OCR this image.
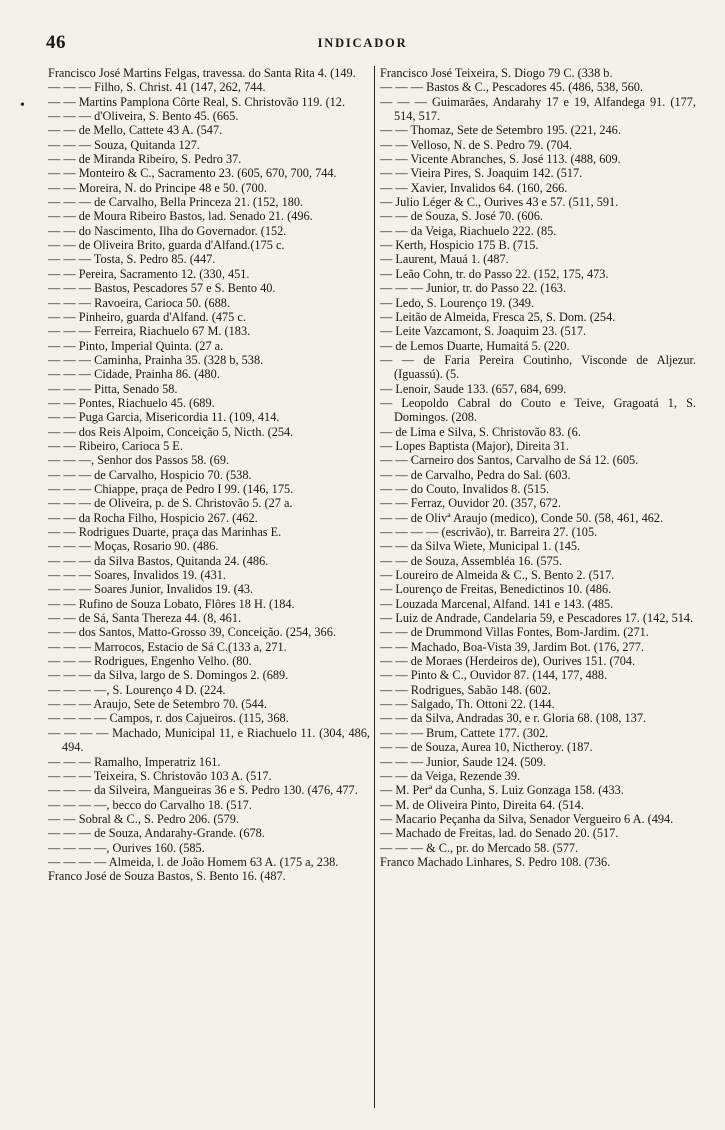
46	INDICADOR
•
Francisco José Martins Felgas, travessa. do Santa Rita 4. (149.
— — — Filho, S. Christ. 41 (147, 262, 744.
— — Martins Pamplona Côrte Real, S. Christovão 119. (12.
— — — d'Oliveira, S. Bento 45. (665.
— — de Mello, Cattete 43 A. (547.
— — — Souza, Quitanda 127.
— — de Miranda Ribeiro, S. Pedro 37.
— — Monteiro & C., Sacramento 23. (605, 670, 700, 744.
— — Moreira, N. do Principe 48 e 50. (700.
— — — de Carvalho, Bella Princeza 21. (152, 180.
— — de Moura Ribeiro Bastos, lad. Senado 21. (496.
— — do Nascimento, Ilha do Governador. (152.
— — de Oliveira Brito, guarda d'Alfand.(175 c.
— — — Tosta, S. Pedro 85. (447.
— — Pereira, Sacramento 12. (330, 451.
— — — Bastos, Pescadores 57 e S. Bento 40.
— — — Ravoeira, Carioca 50. (688.
— — Pinheiro, guarda d'Alfand. (475 c.
— — — Ferreira, Riachuelo 67 M. (183.
— — Pinto, Imperial Quinta. (27 a.
— — — Caminha, Prainha 35. (328 b, 538.
— — — Cidade, Prainha 86. (480.
— — — Pitta, Senado 58.
— — Pontes, Riachuelo 45. (689.
— — Puga Garcia, Misericordia 11. (109, 414.
— — dos Reis Alpoim, Conceição 5, Nicth. (254.
— — Ribeiro, Carioca 5 E.
— — —, Senhor dos Passos 58. (69.
— — — de Carvalho, Hospicio 70. (538.
— — — Chiappe, praça de Pedro I 99. (146, 175.
— — — de Oliveira, p. de S. Christovão 5. (27 a.
— — da Rocha Filho, Hospicio 267. (462.
— — Rodrigues Duarte, praça das Marinhas E.
— — — Moças, Rosario 90. (486.
— — — da Silva Bastos, Quitanda 24. (486.
— — — Soares, Invalidos 19. (431.
— — — Soares Junior, Invalidos 19. (43.
— — Rufino de Souza Lobato, Flôres 18 H. (184.
— — de Sá, Santa Thereza 44. (8, 461.
— — dos Santos, Matto-Grosso 39, Conceição. (254, 366.
— — — Marrocos, Estacio de Sá C.(133 a, 271.
— — — Rodrigues, Engenho Velho. (80.
— — — da Silva, largo de S. Domingos 2. (689.
— — — —, S. Lourenço 4 D. (224.
— — — Araujo, Sete de Setembro 70. (544.
— — — — Campos, r. dos Cajueiros. (115, 368.
— — — — Machado, Municipal 11, e Riachuelo 11. (304, 486, 494.
— — — Ramalho, Imperatriz 161.
— — — Teixeira, S. Christovão 103 A. (517.
— — — da Silveira, Mangueiras 36 e S. Pedro 130. (476, 477.
— — — —, becco do Carvalho 18. (517.
— — Sobral & C., S. Pedro 206. (579.
— — — de Souza, Andarahy-Grande. (678.
— — — —, Ourives 160. (585.
— — — — Almeida, l. de João Homem 63 A. (175 a, 238.
Franco José de Souza Bastos, S. Bento 16. (487.
Francisco José Teixeira, S. Diogo 79 C. (338 b.
— — — Bastos & C., Pescadores 45. (486, 538, 560.
— — — Guimarães, Andarahy 17 e 19, Alfandega 91. (177, 514, 517.
— — Thomaz, Sete de Setembro 195. (221, 246.
— — Velloso, N. de S. Pedro 79. (704.
— — Vicente Abranches, S. José 113. (488, 609.
— — Vieira Pires, S. Joaquim 142. (517.
— — Xavier, Invalidos 64. (160, 266.
— Julio Léger & C., Ourives 43 e 57. (511, 591.
— — de Souza, S. José 70. (606.
— — da Veiga, Riachuelo 222. (85.
— Kerth, Hospicio 175 B. (715.
— Laurent, Mauá 1. (487.
— Leão Cohn, tr. do Passo 22. (152, 175, 473.
— — — Junior, tr. do Passo 22. (163.
— Ledo, S. Lourenço 19. (349.
— Leitão de Almeida, Fresca 25, S. Dom. (254.
— Leite Vazcamont, S. Joaquim 23. (517.
— de Lemos Duarte, Humaitá 5. (220.
— — de Faria Pereira Coutinho, Visconde de Aljezur. (Iguassú). (5.
— Lenoir, Saude 133. (657, 684, 699.
— Leopoldo Cabral do Couto e Teive, Gragoatá 1, S. Domingos. (208.
— de Lima e Silva, S. Christovão 83. (6.
— Lopes Baptista (Major), Direita 31.
— — Carneiro dos Santos, Carvalho de Sá 12. (605.
— — de Carvalho, Pedra do Sal. (603.
— — do Couto, Invalidos 8. (515.
— — Ferraz, Ouvidor 20. (357, 672.
— — de Olivª Araujo (medico), Conde 50. (58, 461, 462.
— — — — (escrivão), tr. Barreira 27. (105.
— — da Silva Wiete, Municipal 1. (145.
— — de Souza, Assembléa 16. (575.
— Loureiro de Almeida & C., S. Bento 2. (517.
— Lourenço de Freitas, Benedictinos 10. (486.
— Louzada Marcenal, Alfand. 141 e 143. (485.
— Luiz de Andrade, Candelaria 59, e Pescadores 17. (142, 514.
— — de Drummond Villas Fontes, Bom-Jardim. (271.
— — Machado, Boa-Vista 39, Jardim Bot. (176, 277.
— — de Moraes (Herdeiros de), Ourives 151. (704.
— — Pinto & C., Ouvidor 87. (144, 177, 488.
— — Rodrigues, Sabão 148. (602.
— — Salgado, Th. Ottoni 22. (144.
— — da Silva, Andradas 30, e r. Gloria 68. (108, 137.
— — — Brum, Cattete 177. (302.
— — de Souza, Aurea 10, Nictheroy. (187.
— — — Junior, Saude 124. (509.
— — da Veiga, Rezende 39.
— M. Perª da Cunha, S. Luiz Gonzaga 158. (433.
— M. de Oliveira Pinto, Direita 64. (514.
— Macario Peçanha da Silva, Senador Vergueiro 6 A. (494.
— Machado de Freitas, lad. do Senado 20. (517.
— — — & C., pr. do Mercado 58. (577.
Franco Machado Linhares, S. Pedro 108. (736.
